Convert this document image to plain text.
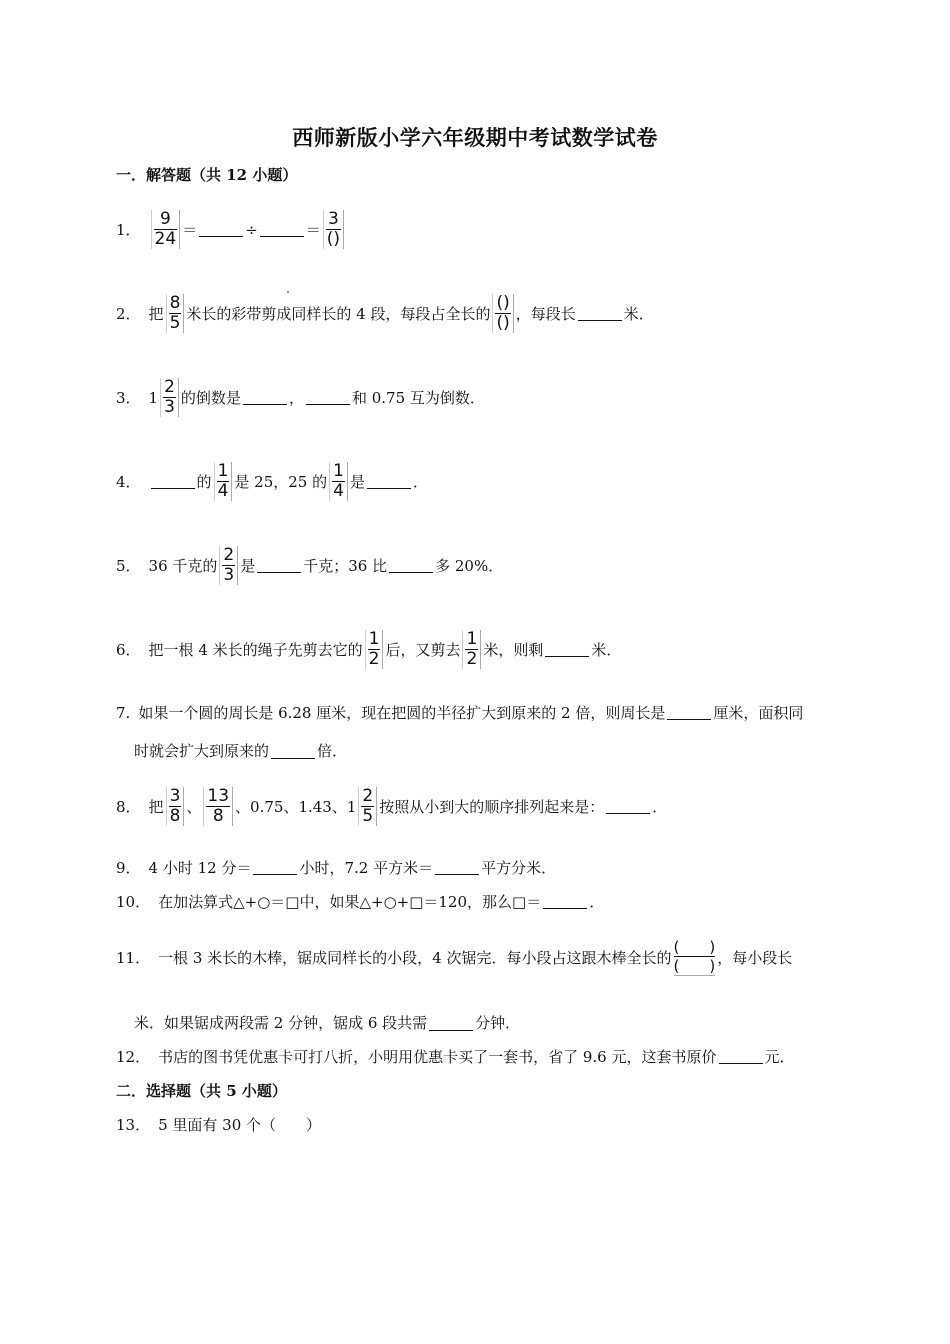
西师新版小学六年级期中考试数学试卷
一．解答题（共 12 小题）
1． $\frac{9}{24}$ ＝	÷	＝ $\frac{3}{()}$
2． 把 $\frac{8}{5}$ 米长的彩带剪成同样长的 4 段，每段占全长的 $\frac{()}{()}$ ，每段长	米．
3． $1 \frac{2}{3}$ 的倒数是	，	和 0.75 互为倒数．
4．	的 $\frac{1}{4}$ 是 25，25 的 $\frac{1}{4}$ 是	．
5． 36 千克的 $\frac{2}{3}$ 是	千克；36 比	多 20%．
6． 把一根 4 米长的绳子先剪去它的 $\frac{1}{2}$ 后，又剪去 $\frac{1}{2}$ 米，则剩	米．
7. 如果一个圆的周长是 6.28 厘米，现在把圆的半径扩大到原来的 2 倍，则周长是	厘米，面积同
时就会扩大到原来的	倍．
8． 把 $\frac{3}{8}$ 、 $\frac{13}{8}$ 、0.75、1.43、 $1 \frac{2}{5}$ 按照从小到大的顺序排列起来是：	．
9． 4 小时 12 分＝	小时，7.2 平方米＝	平方分米．
10． 在加法算式△+○＝□中，如果△+○+□＝120，那么□＝	．
11． 一根 3 米长的木棒，锯成同样长的小段，4 次锯完．每小段占这跟木棒全长的 $\frac{( )}{( )}$ ，每小段长
米．如果锯成两段需 2 分钟，锯成 6 段共需	分钟．
12． 书店的图书凭优惠卡可打八折，小明用优惠卡买了一套书，省了 9.6 元，这套书原价	元．
二．选择题（共 5 小题）
13． 5 里面有 30 个（　　）
